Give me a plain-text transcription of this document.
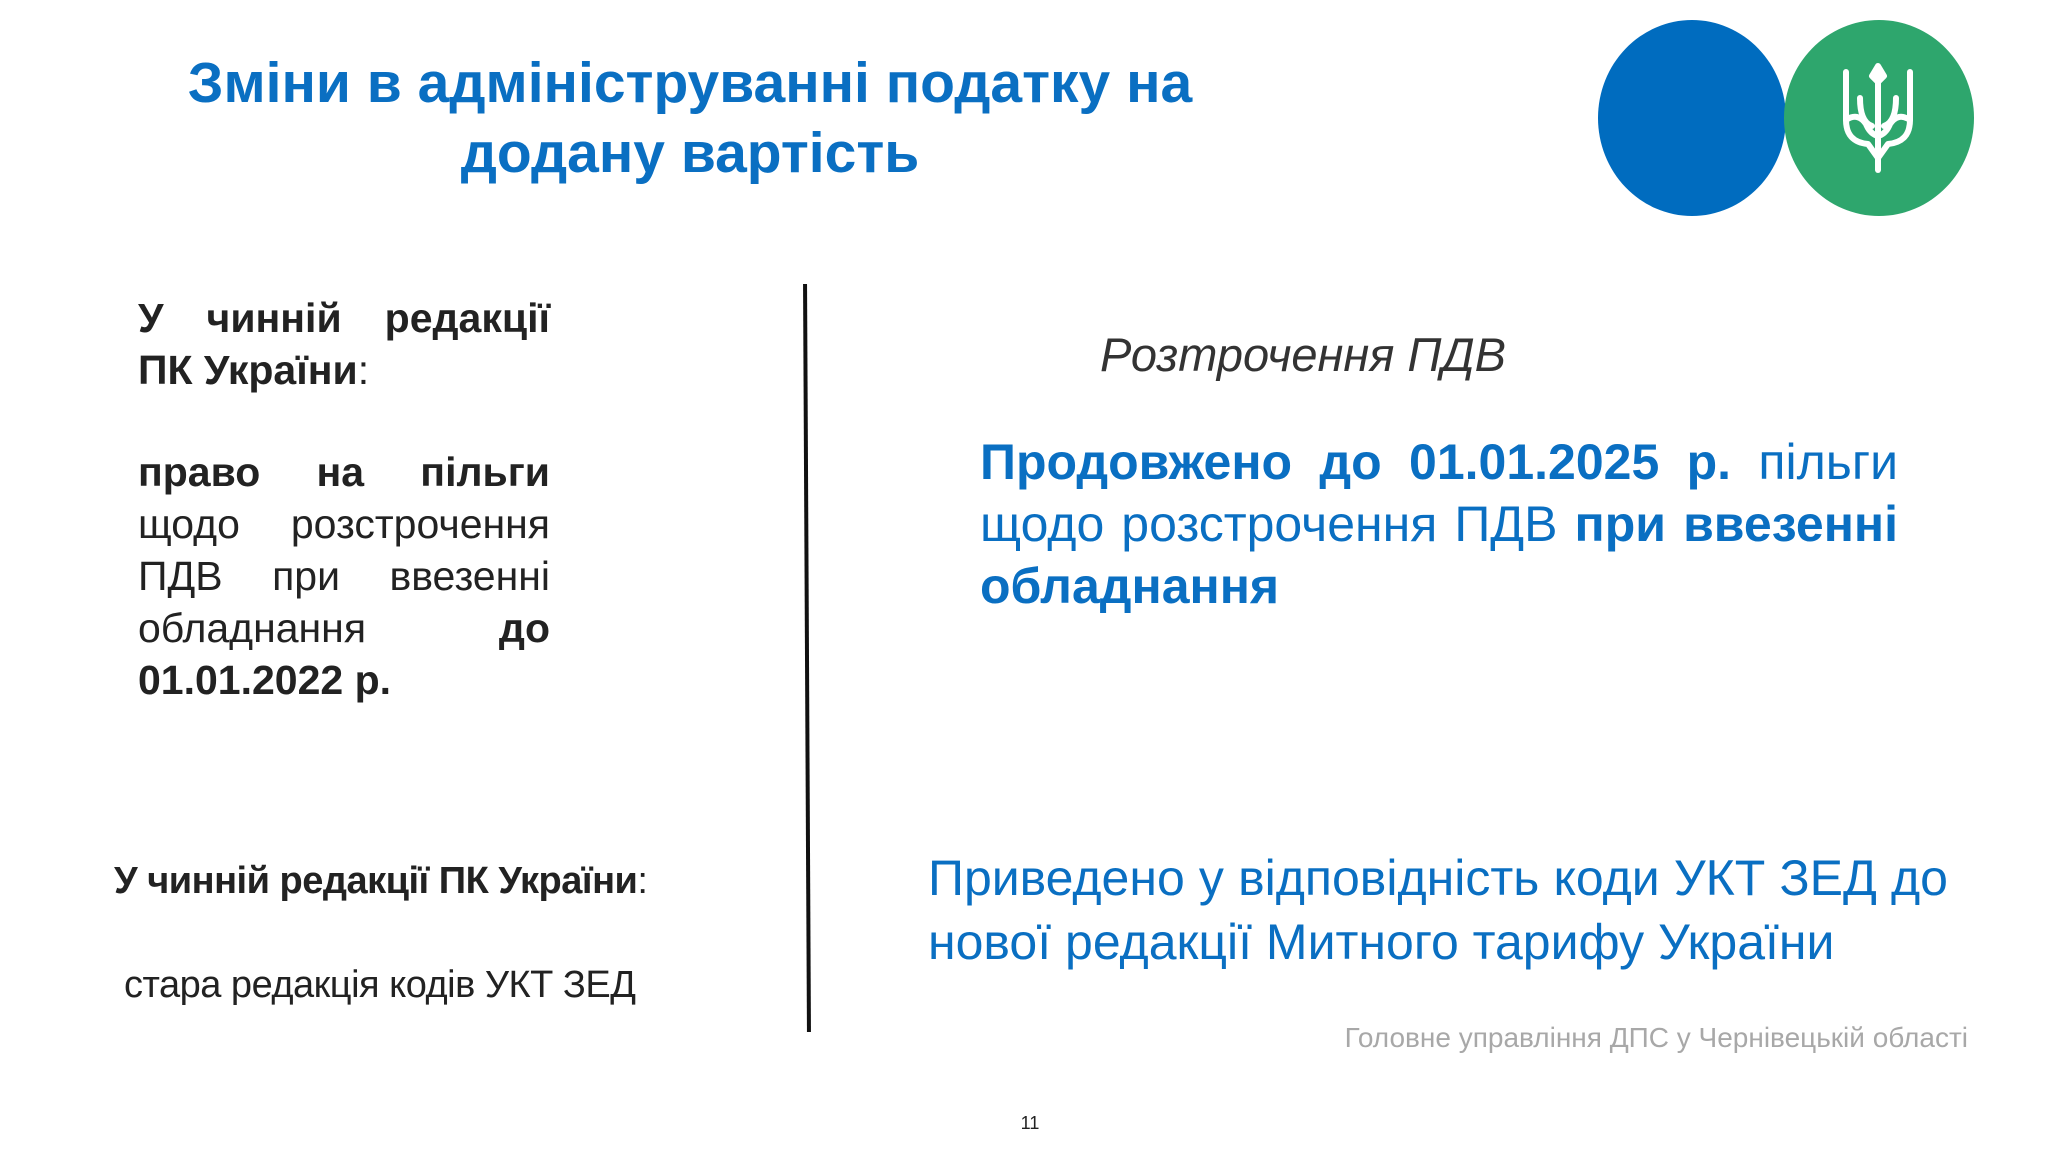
Зміни в адмініструванні податку на
додану вартість
У чинній редакції ПК України:
право на пільги щодо розстрочення ПДВ при ввезенні обладнання	до 01.01.2022 р.
Розтрочення ПДВ
Продовжено до 01.01.2025 р. пільги щодо розстрочення ПДВ при ввезенні обладнання
У чинній редакції ПК України:
стара редакція кодів УКТ ЗЕД
Приведено у відповідність коди УКТ ЗЕД до нової редакції Митного тарифу України
Головне управління ДПС у Чернівецькій області
11
